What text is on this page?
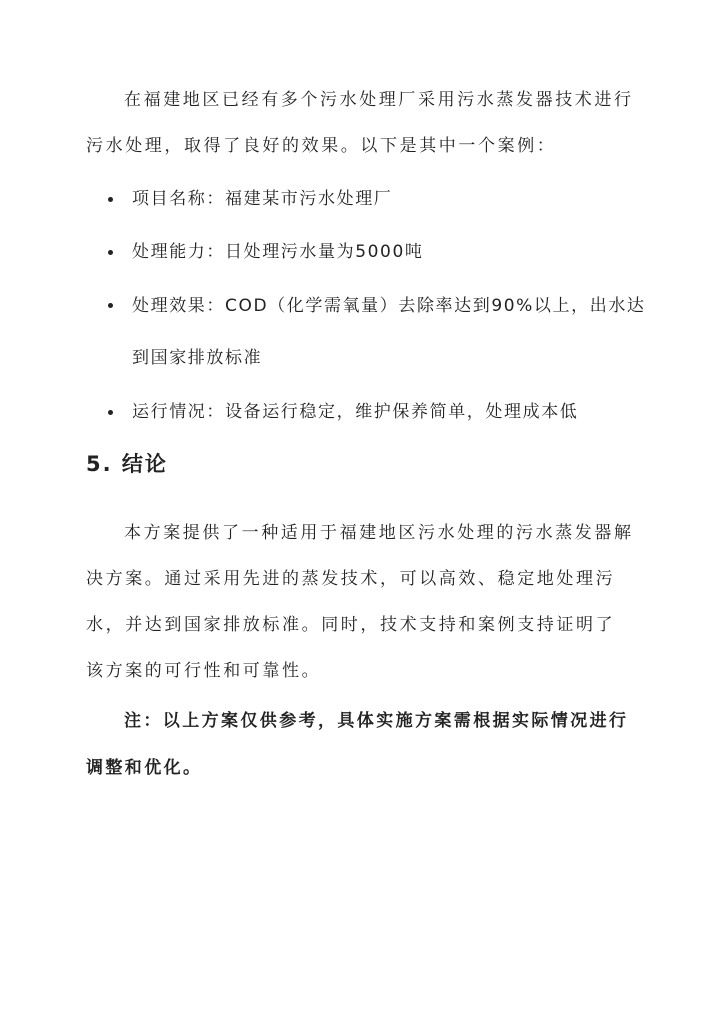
在福建地区已经有多个污水处理厂采用污水蒸发器技术进行污水处理，取得了良好的效果。以下是其中一个案例：

项目名称：福建某市污水处理厂
处理能力：日处理污水量为5000吨
处理效果：COD（化学需氧量）去除率达到90%以上，出水达到国家排放标准
运行情况：设备运行稳定，维护保养简单，处理成本低
5. 结论

本方案提供了一种适用于福建地区污水处理的污水蒸发器解决方案。通过采用先进的蒸发技术，可以高效、稳定地处理污水，并达到国家排放标准。同时，技术支持和案例支持证明了该方案的可行性和可靠性。

注：以上方案仅供参考，具体实施方案需根据实际情况进行调整和优化。
